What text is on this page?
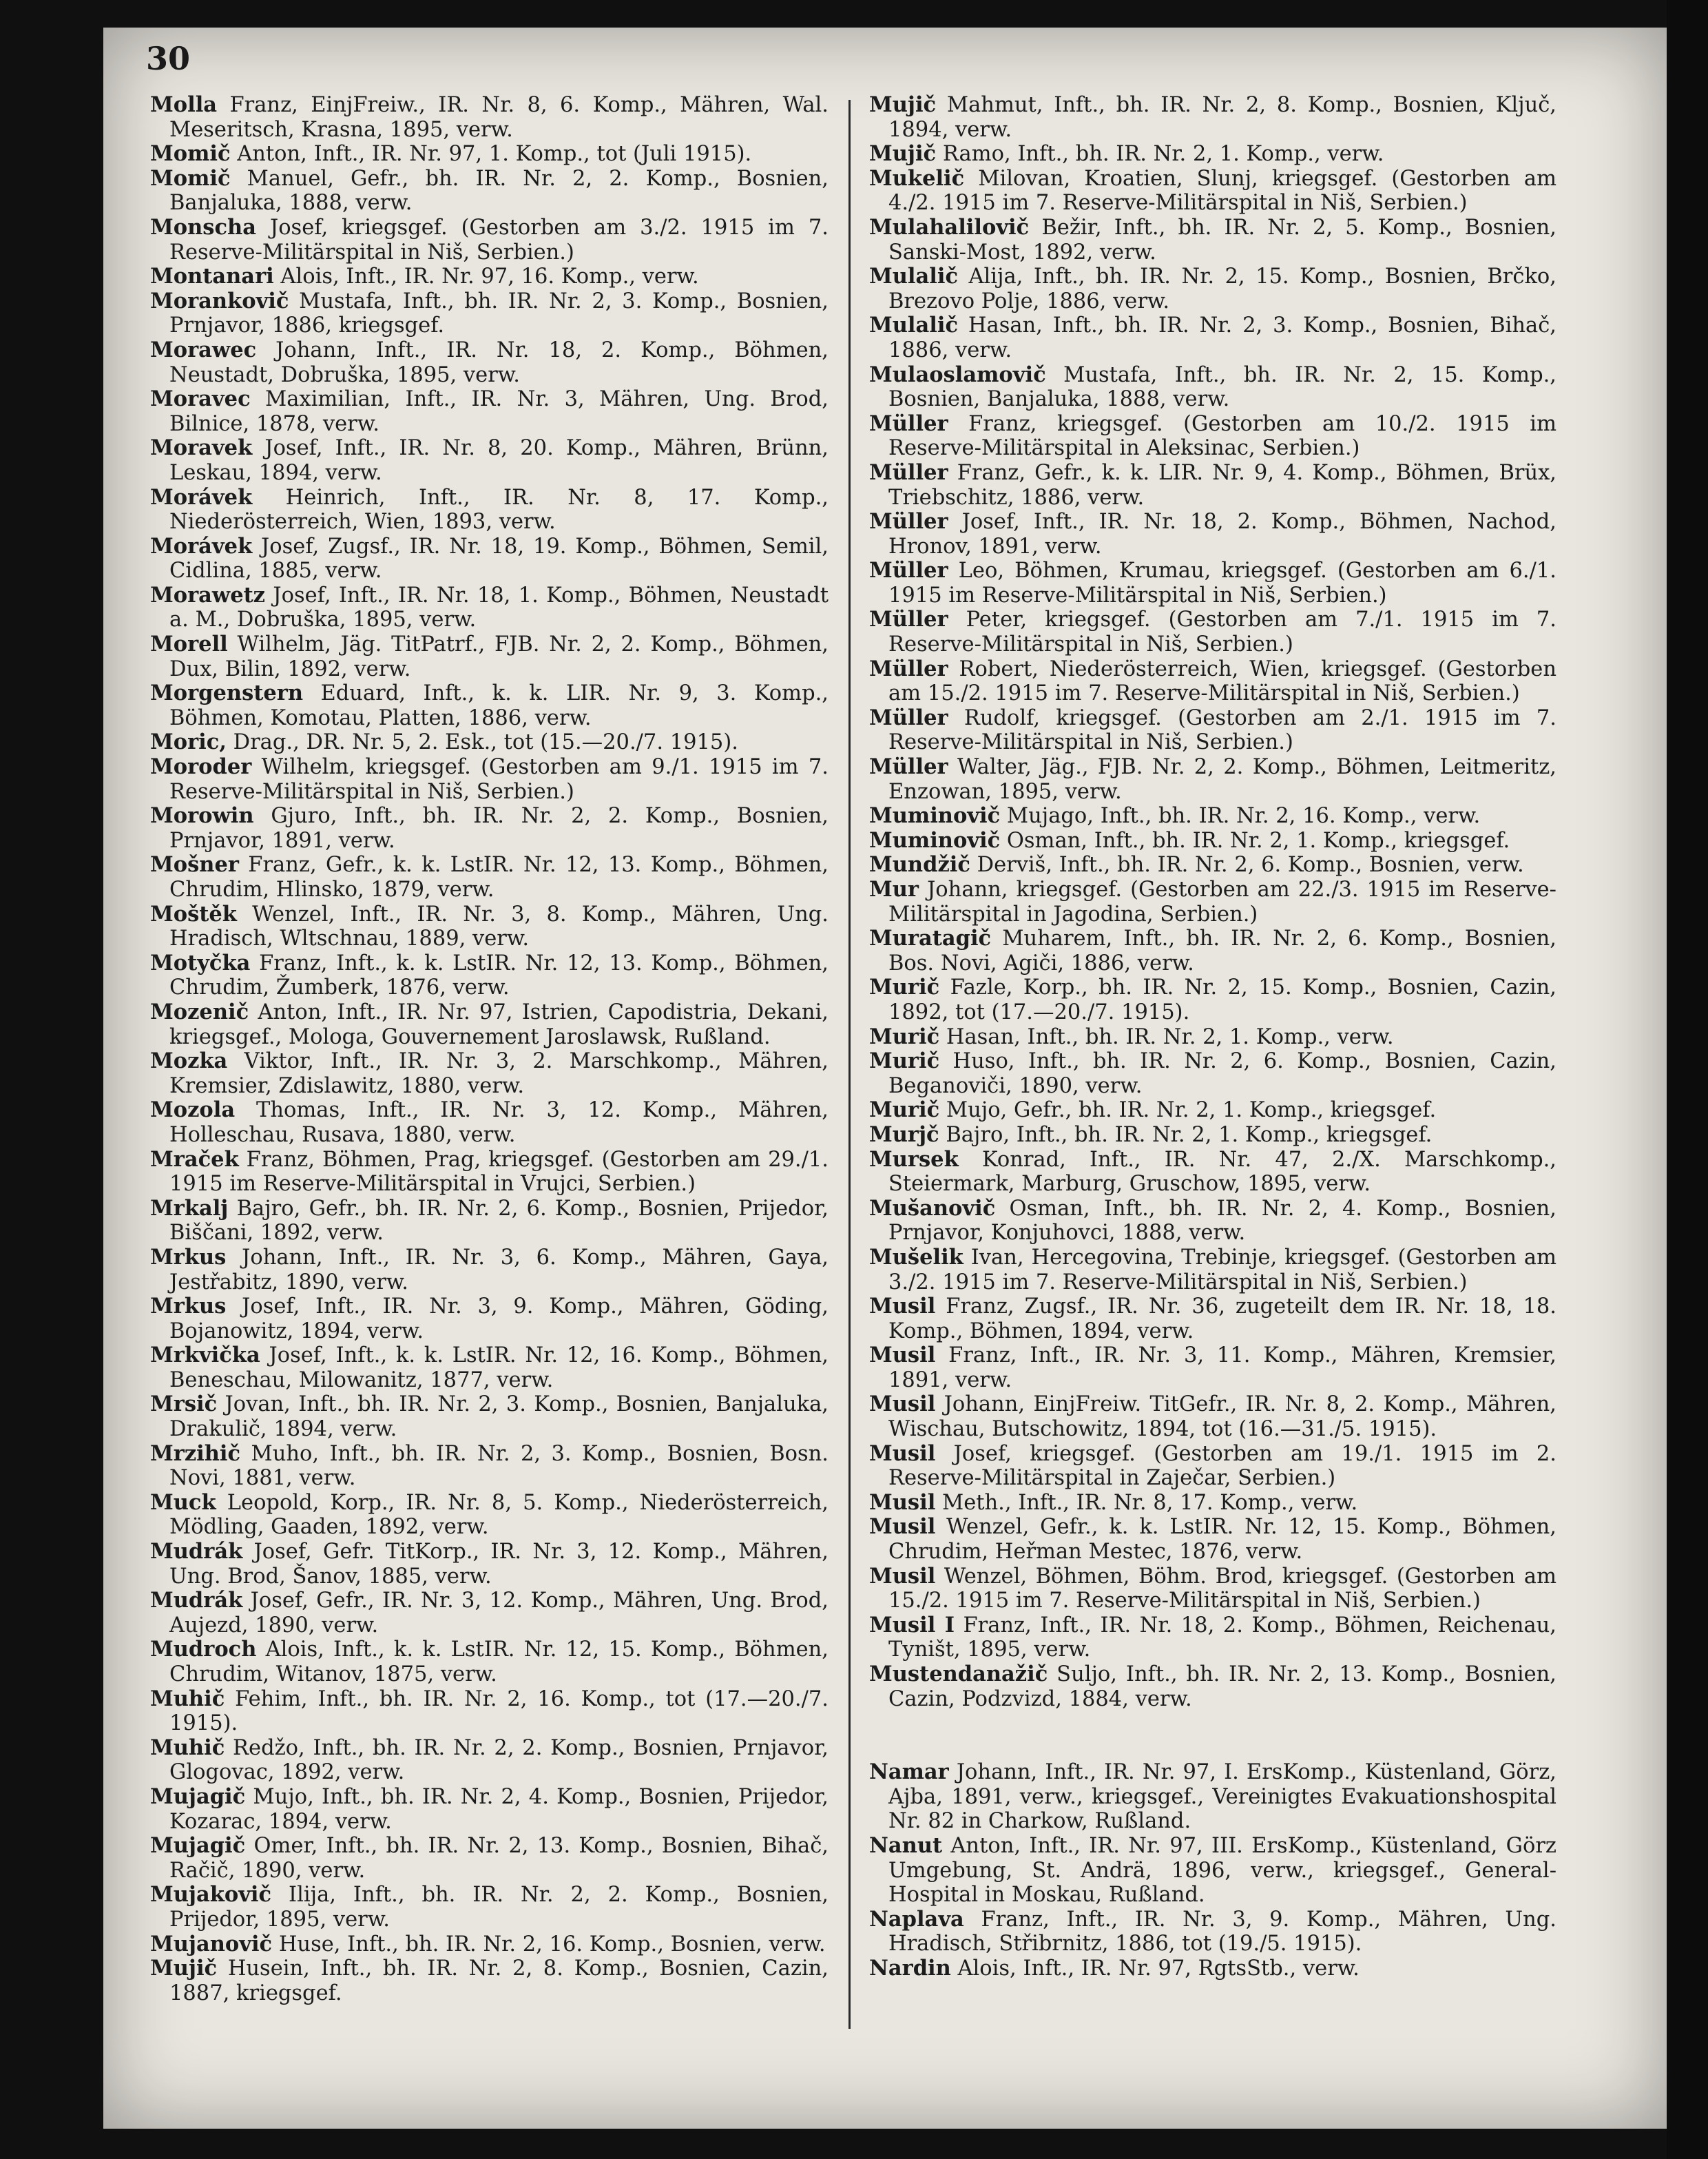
30
Molla Franz, EinjFreiw., IR. Nr. 8, 6. Komp., Mähren, Wal. Meseritsch, Krasna, 1895, verw.
Momič Anton, Inft., IR. Nr. 97, 1. Komp., tot (Juli 1915).
Momič Manuel, Gefr., bh. IR. Nr. 2, 2. Komp., Bosnien, Banjaluka, 1888, verw.
Monscha Josef, kriegsgef. (Gestorben am 3./2. 1915 im 7. Reserve-Militärspital in Niš, Serbien.)
Montanari Alois, Inft., IR. Nr. 97, 16. Komp., verw.
Morankovič Mustafa, Inft., bh. IR. Nr. 2, 3. Komp., Bosnien, Prnjavor, 1886, kriegsgef.
Morawec Johann, Inft., IR. Nr. 18, 2. Komp., Böhmen, Neustadt, Dobruška, 1895, verw.
Moravec Maximilian, Inft., IR. Nr. 3, Mähren, Ung. Brod, Bilnice, 1878, verw.
Moravek Josef, Inft., IR. Nr. 8, 20. Komp., Mähren, Brünn, Leskau, 1894, verw.
Morávek Heinrich, Inft., IR. Nr. 8, 17. Komp., Niederösterreich, Wien, 1893, verw.
Morávek Josef, Zugsf., IR. Nr. 18, 19. Komp., Böhmen, Semil, Cidlina, 1885, verw.
Morawetz Josef, Inft., IR. Nr. 18, 1. Komp., Böhmen, Neustadt a. M., Dobruška, 1895, verw.
Morell Wilhelm, Jäg. TitPatrf., FJB. Nr. 2, 2. Komp., Böhmen, Dux, Bilin, 1892, verw.
Morgenstern Eduard, Inft., k. k. LIR. Nr. 9, 3. Komp., Böhmen, Komotau, Platten, 1886, verw.
Moric, Drag., DR. Nr. 5, 2. Esk., tot (15.—20./7. 1915).
Moroder Wilhelm, kriegsgef. (Gestorben am 9./1. 1915 im 7. Reserve-Militärspital in Niš, Serbien.)
Morowin Gjuro, Inft., bh. IR. Nr. 2, 2. Komp., Bosnien, Prnjavor, 1891, verw.
Mošner Franz, Gefr., k. k. LstIR. Nr. 12, 13. Komp., Böhmen, Chrudim, Hlinsko, 1879, verw.
Moštěk Wenzel, Inft., IR. Nr. 3, 8. Komp., Mähren, Ung. Hradisch, Wltschnau, 1889, verw.
Motyčka Franz, Inft., k. k. LstIR. Nr. 12, 13. Komp., Böhmen, Chrudim, Žumberk, 1876, verw.
Mozenič Anton, Inft., IR. Nr. 97, Istrien, Capodistria, Dekani, kriegsgef., Mologa, Gouvernement Jaroslawsk, Rußland.
Mozka Viktor, Inft., IR. Nr. 3, 2. Marschkomp., Mähren, Kremsier, Zdislawitz, 1880, verw.
Mozola Thomas, Inft., IR. Nr. 3, 12. Komp., Mähren, Holleschau, Rusava, 1880, verw.
Mraček Franz, Böhmen, Prag, kriegsgef. (Gestorben am 29./1. 1915 im Reserve-Militärspital in Vrujci, Serbien.)
Mrkalj Bajro, Gefr., bh. IR. Nr. 2, 6. Komp., Bosnien, Prijedor, Biščani, 1892, verw.
Mrkus Johann, Inft., IR. Nr. 3, 6. Komp., Mähren, Gaya, Jestřabitz, 1890, verw.
Mrkus Josef, Inft., IR. Nr. 3, 9. Komp., Mähren, Göding, Bojanowitz, 1894, verw.
Mrkvička Josef, Inft., k. k. LstIR. Nr. 12, 16. Komp., Böhmen, Beneschau, Milowanitz, 1877, verw.
Mrsič Jovan, Inft., bh. IR. Nr. 2, 3. Komp., Bosnien, Banjaluka, Drakulič, 1894, verw.
Mrzihič Muho, Inft., bh. IR. Nr. 2, 3. Komp., Bosnien, Bosn. Novi, 1881, verw.
Muck Leopold, Korp., IR. Nr. 8, 5. Komp., Niederösterreich, Mödling, Gaaden, 1892, verw.
Mudrák Josef, Gefr. TitKorp., IR. Nr. 3, 12. Komp., Mähren, Ung. Brod, Šanov, 1885, verw.
Mudrák Josef, Gefr., IR. Nr. 3, 12. Komp., Mähren, Ung. Brod, Aujezd, 1890, verw.
Mudroch Alois, Inft., k. k. LstIR. Nr. 12, 15. Komp., Böhmen, Chrudim, Witanov, 1875, verw.
Muhič Fehim, Inft., bh. IR. Nr. 2, 16. Komp., tot (17.—20./7. 1915).
Muhič Redžo, Inft., bh. IR. Nr. 2, 2. Komp., Bosnien, Prnjavor, Glogovac, 1892, verw.
Mujagič Mujo, Inft., bh. IR. Nr. 2, 4. Komp., Bosnien, Prijedor, Kozarac, 1894, verw.
Mujagič Omer, Inft., bh. IR. Nr. 2, 13. Komp., Bosnien, Bihač, Račič, 1890, verw.
Mujakovič Ilija, Inft., bh. IR. Nr. 2, 2. Komp., Bosnien, Prijedor, 1895, verw.
Mujanovič Huse, Inft., bh. IR. Nr. 2, 16. Komp., Bosnien, verw.
Mujič Husein, Inft., bh. IR. Nr. 2, 8. Komp., Bosnien, Cazin, 1887, kriegsgef.
Mujič Mahmut, Inft., bh. IR. Nr. 2, 8. Komp., Bosnien, Ključ, 1894, verw.
Mujič Ramo, Inft., bh. IR. Nr. 2, 1. Komp., verw.
Mukelič Milovan, Kroatien, Slunj, kriegsgef. (Gestorben am 4./2. 1915 im 7. Reserve-Militärspital in Niš, Serbien.)
Mulahalilovič Bežir, Inft., bh. IR. Nr. 2, 5. Komp., Bosnien, Sanski-Most, 1892, verw.
Mulalič Alija, Inft., bh. IR. Nr. 2, 15. Komp., Bosnien, Brčko, Brezovo Polje, 1886, verw.
Mulalič Hasan, Inft., bh. IR. Nr. 2, 3. Komp., Bosnien, Bihač, 1886, verw.
Mulaoslamovič Mustafa, Inft., bh. IR. Nr. 2, 15. Komp., Bosnien, Banjaluka, 1888, verw.
Müller Franz, kriegsgef. (Gestorben am 10./2. 1915 im Reserve-Militärspital in Aleksinac, Serbien.)
Müller Franz, Gefr., k. k. LIR. Nr. 9, 4. Komp., Böhmen, Brüx, Triebschitz, 1886, verw.
Müller Josef, Inft., IR. Nr. 18, 2. Komp., Böhmen, Nachod, Hronov, 1891, verw.
Müller Leo, Böhmen, Krumau, kriegsgef. (Gestorben am 6./1. 1915 im Reserve-Militärspital in Niš, Serbien.)
Müller Peter, kriegsgef. (Gestorben am 7./1. 1915 im 7. Reserve-Militärspital in Niš, Serbien.)
Müller Robert, Niederösterreich, Wien, kriegsgef. (Gestorben am 15./2. 1915 im 7. Reserve-Militärspital in Niš, Serbien.)
Müller Rudolf, kriegsgef. (Gestorben am 2./1. 1915 im 7. Reserve-Militärspital in Niš, Serbien.)
Müller Walter, Jäg., FJB. Nr. 2, 2. Komp., Böhmen, Leitmeritz, Enzowan, 1895, verw.
Muminovič Mujago, Inft., bh. IR. Nr. 2, 16. Komp., verw.
Muminovič Osman, Inft., bh. IR. Nr. 2, 1. Komp., kriegsgef.
Mundžič Derviš, Inft., bh. IR. Nr. 2, 6. Komp., Bosnien, verw.
Mur Johann, kriegsgef. (Gestorben am 22./3. 1915 im Reserve-Militärspital in Jagodina, Serbien.)
Muratagič Muharem, Inft., bh. IR. Nr. 2, 6. Komp., Bosnien, Bos. Novi, Agiči, 1886, verw.
Murič Fazle, Korp., bh. IR. Nr. 2, 15. Komp., Bosnien, Cazin, 1892, tot (17.—20./7. 1915).
Murič Hasan, Inft., bh. IR. Nr. 2, 1. Komp., verw.
Murič Huso, Inft., bh. IR. Nr. 2, 6. Komp., Bosnien, Cazin, Beganoviči, 1890, verw.
Murič Mujo, Gefr., bh. IR. Nr. 2, 1. Komp., kriegsgef.
Murjč Bajro, Inft., bh. IR. Nr. 2, 1. Komp., kriegsgef.
Mursek Konrad, Inft., IR. Nr. 47, 2./X. Marschkomp., Steiermark, Marburg, Gruschow, 1895, verw.
Mušanovič Osman, Inft., bh. IR. Nr. 2, 4. Komp., Bosnien, Prnjavor, Konjuhovci, 1888, verw.
Mušelik Ivan, Hercegovina, Trebinje, kriegsgef. (Gestorben am 3./2. 1915 im 7. Reserve-Militärspital in Niš, Serbien.)
Musil Franz, Zugsf., IR. Nr. 36, zugeteilt dem IR. Nr. 18, 18. Komp., Böhmen, 1894, verw.
Musil Franz, Inft., IR. Nr. 3, 11. Komp., Mähren, Kremsier, 1891, verw.
Musil Johann, EinjFreiw. TitGefr., IR. Nr. 8, 2. Komp., Mähren, Wischau, Butschowitz, 1894, tot (16.—31./5. 1915).
Musil Josef, kriegsgef. (Gestorben am 19./1. 1915 im 2. Reserve-Militärspital in Zaječar, Serbien.)
Musil Meth., Inft., IR. Nr. 8, 17. Komp., verw.
Musil Wenzel, Gefr., k. k. LstIR. Nr. 12, 15. Komp., Böhmen, Chrudim, Heřman Mestec, 1876, verw.
Musil Wenzel, Böhmen, Böhm. Brod, kriegsgef. (Gestorben am 15./2. 1915 im 7. Reserve-Militärspital in Niš, Serbien.)
Musil I Franz, Inft., IR. Nr. 18, 2. Komp., Böhmen, Reichenau, Tyništ, 1895, verw.
Mustendanažič Suljo, Inft., bh. IR. Nr. 2, 13. Komp., Bosnien, Cazin, Podzvizd, 1884, verw.
Namar Johann, Inft., IR. Nr. 97, I. ErsKomp., Küstenland, Görz, Ajba, 1891, verw., kriegsgef., Vereinigtes Evakuationshospital Nr. 82 in Charkow, Rußland.
Nanut Anton, Inft., IR. Nr. 97, III. ErsKomp., Küstenland, Görz Umgebung, St. Andrä, 1896, verw., kriegsgef., General-Hospital in Moskau, Rußland.
Naplava Franz, Inft., IR. Nr. 3, 9. Komp., Mähren, Ung. Hradisch, Střibrnitz, 1886, tot (19./5. 1915).
Nardin Alois, Inft., IR. Nr. 97, RgtsStb., verw.
